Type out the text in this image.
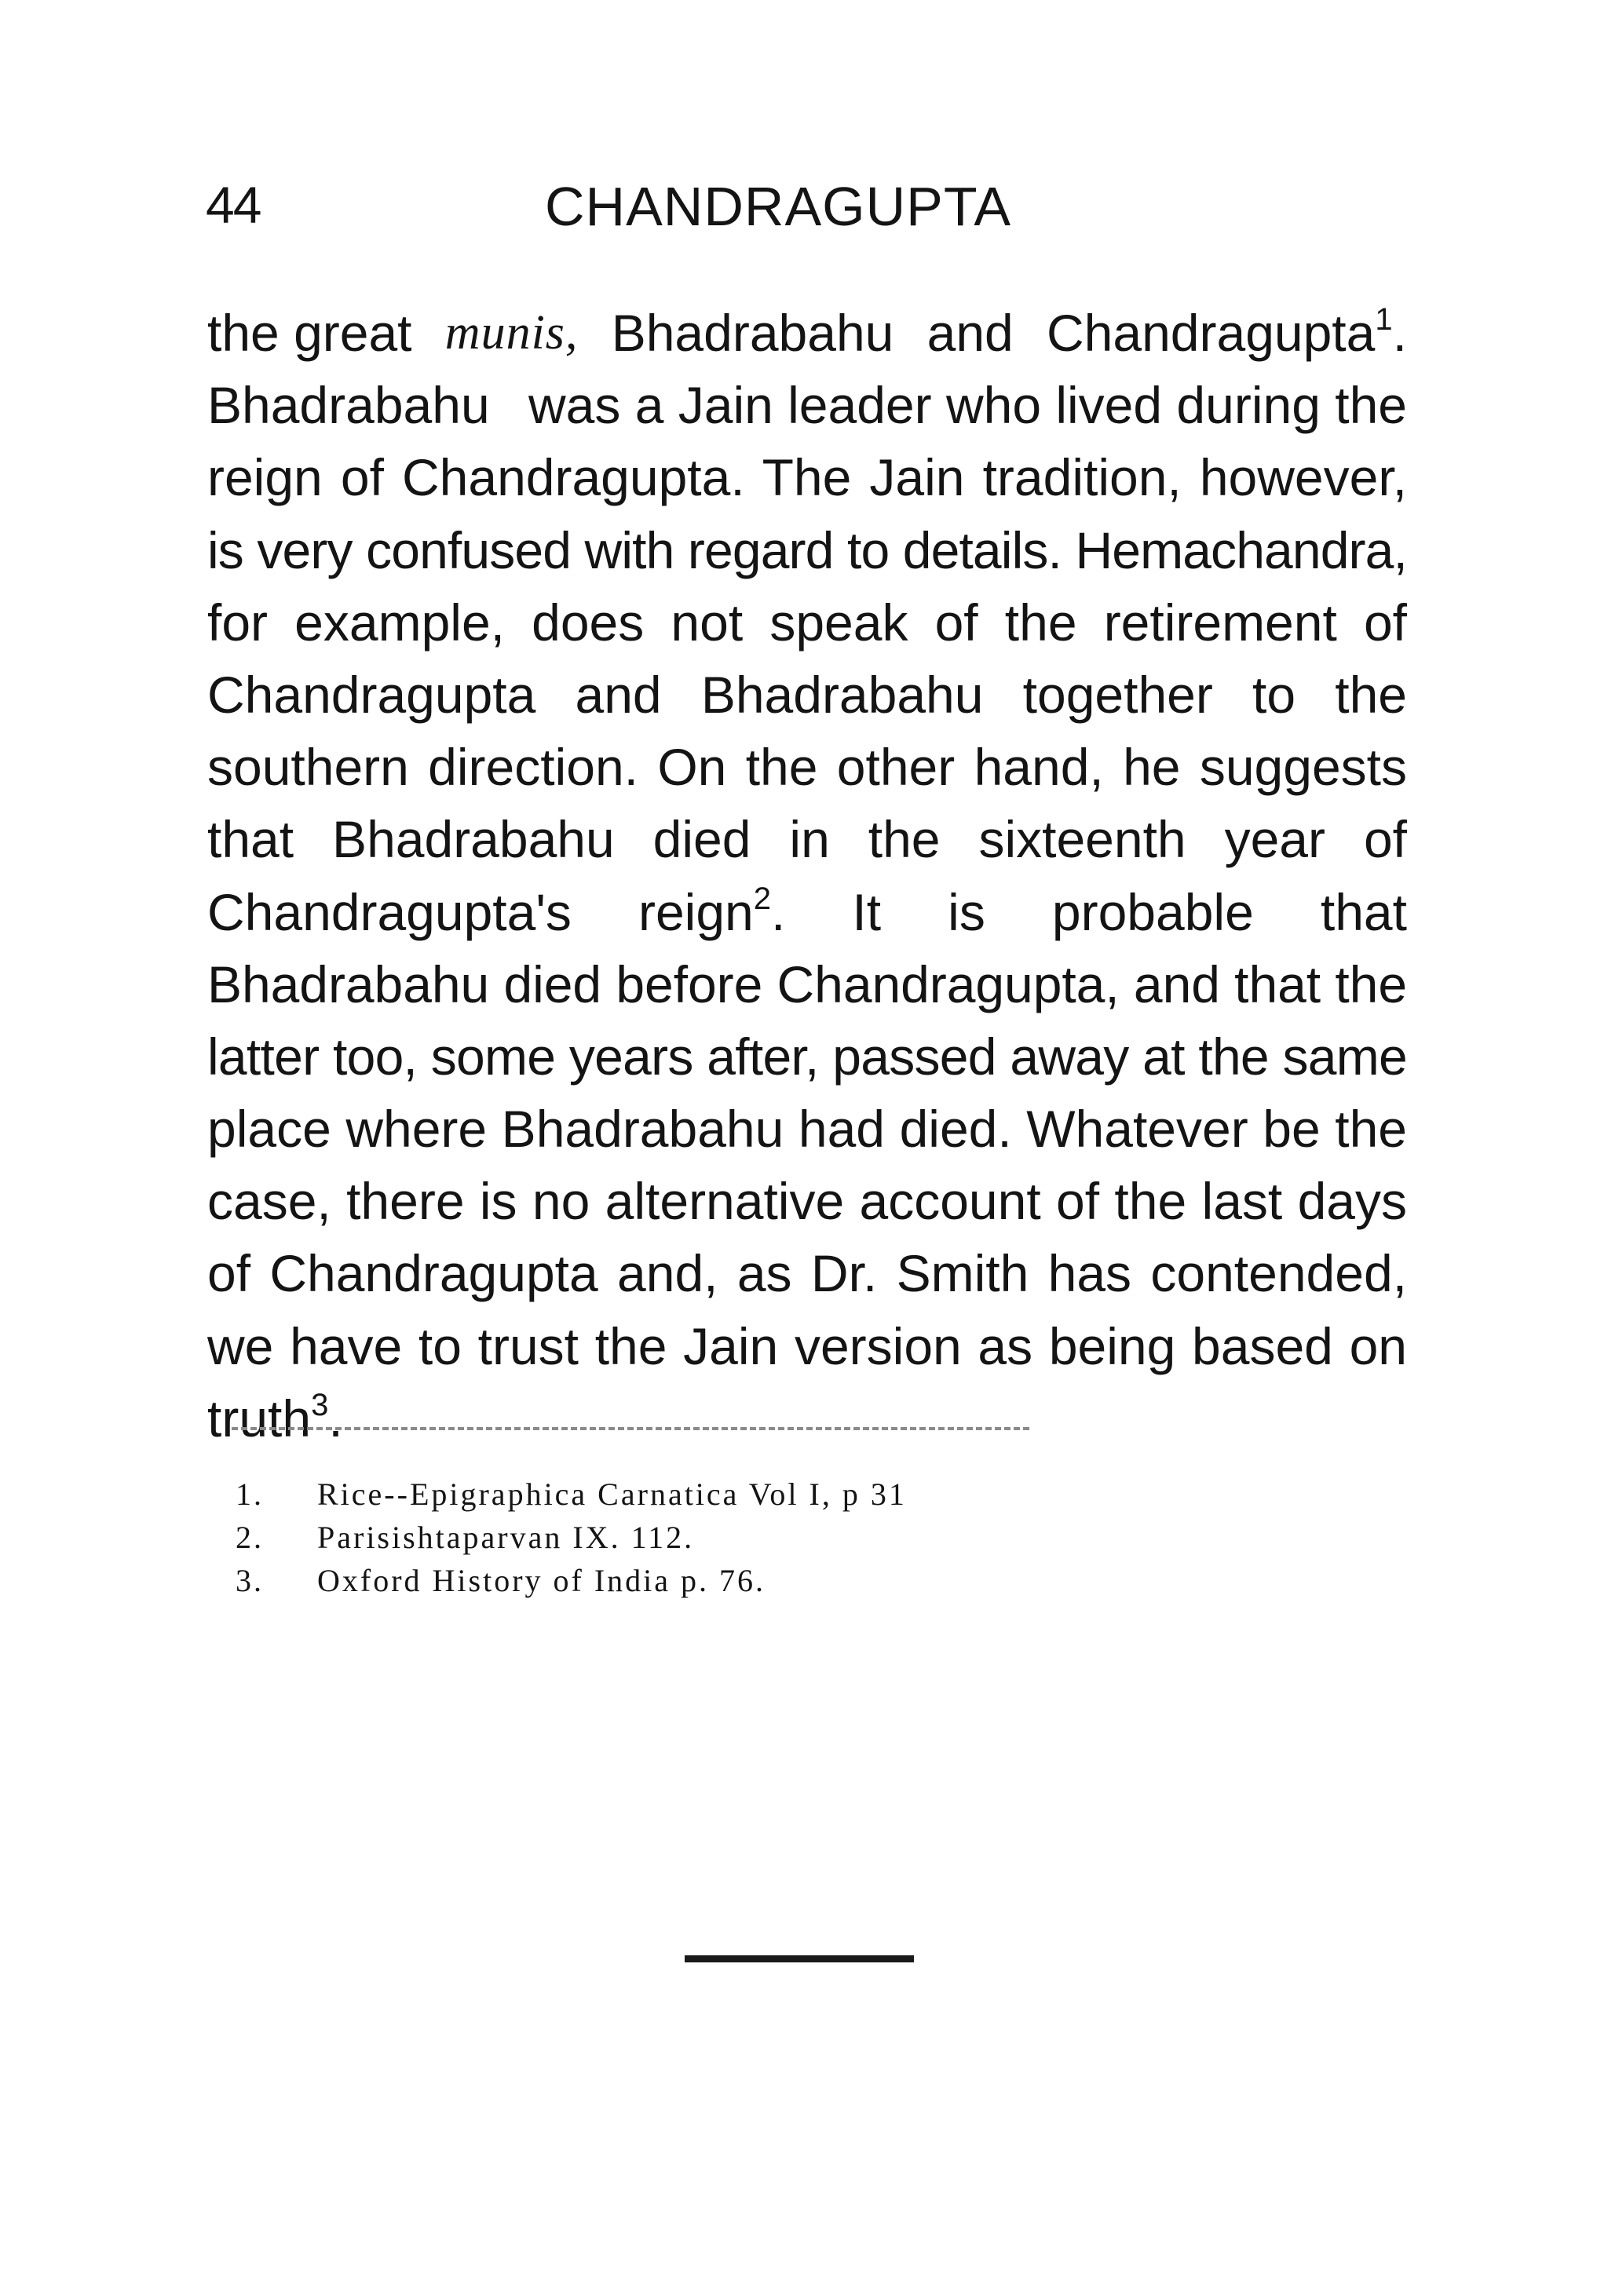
44	CHANDRAGUPTA
the great munis, Bhadrabahu and Chandragupta$^1$.
Bhadrabahu was a Jain leader who lived during the
reign of Chandragupta. The Jain tradition, however,
is very confused with regard to details. Hemachandra,
for example, does not speak of the retirement of
Chandragupta and Bhadrabahu together to the
southern direction. On the other hand, he suggests
that Bhadrabahu died in the sixteenth year of
Chandragupta's reign$^2$. It is probable that
Bhadrabahu died before Chandragupta, and that the
latter too, some years after, passed away at the same
place where Bhadrabahu had died. Whatever be the
case, there is no alternative account of the last days
of Chandragupta and, as Dr. Smith has contended,
we have to trust the Jain version as being based on
truth$^3$.
1. Rice--Epigraphica Carnatica Vol I, p 31
2. Parisishtaparvan IX. 112.
3. Oxford History of India p. 76.
